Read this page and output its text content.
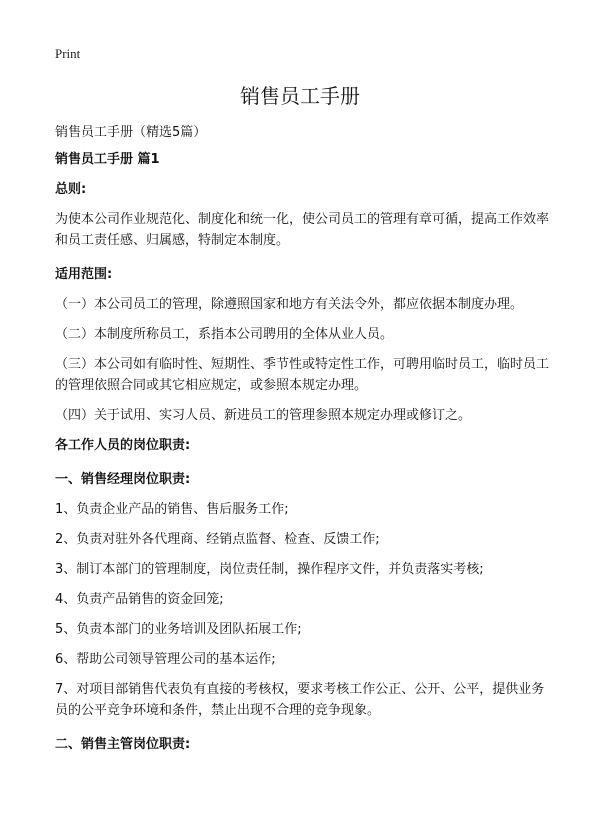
Print
销售员工手册
销售员工手册（精选5篇）

销售员工手册 篇1

总则:

为使本公司作业规范化、制度化和统一化，使公司员工的管理有章可循，提高工作效率和员工责任感、归属感，特制定本制度。

适用范围:

（一）本公司员工的管理，除遵照国家和地方有关法令外，都应依据本制度办理。

（二）本制度所称员工，系指本公司聘用的全体从业人员。

（三）本公司如有临时性、短期性、季节性或特定性工作，可聘用临时员工，临时员工的管理依照合同或其它相应规定，或参照本规定办理。

（四）关于试用、实习人员、新进员工的管理参照本规定办理或修订之。

各工作人员的岗位职责:

一、销售经理岗位职责:

1、负责企业产品的销售、售后服务工作;

2、负责对驻外各代理商、经销点监督、检查、反馈工作;

3、制订本部门的管理制度，岗位责任制，操作程序文件，并负责落实考核;

4、负责产品销售的资金回笼;

5、负责本部门的业务培训及团队拓展工作;

6、帮助公司领导管理公司的基本运作;

7、对项目部销售代表负有直接的考核权，要求考核工作公正、公开、公平，提供业务员的公平竞争环境和条件，禁止出现不合理的竞争现象。

二、销售主管岗位职责:
